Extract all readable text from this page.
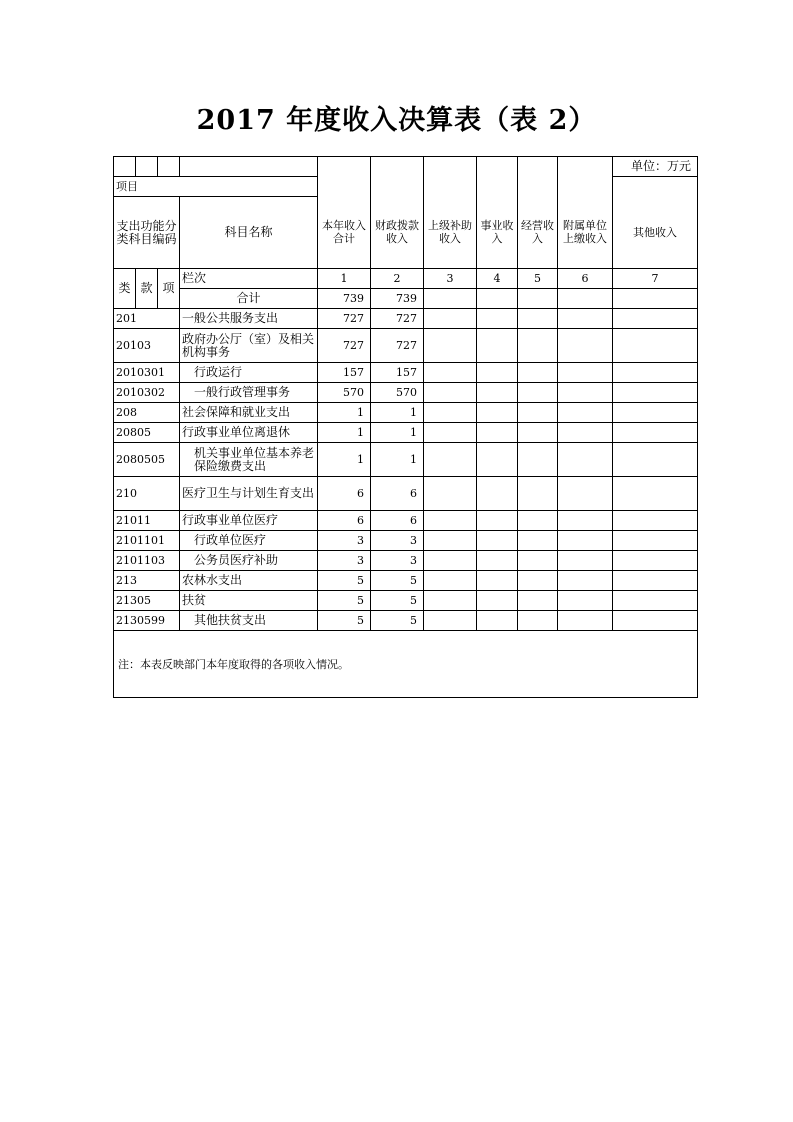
2017 年度收入决算表（表 2）
										单位：万元
项目										
支出功能分类科目编码			科目名称	本年收入合计	财政拨款收入	上级补助收入	事业收入	经营收入	附属单位上缴收入	其他收入
类	款	项	栏次	1	2	3	4	5	6	7
			合计	739	739					
201			一般公共服务支出	727	727					
20103			政府办公厅（室）及相关机构事务	727	727					
2010301			行政运行	157	157					
2010302			一般行政管理事务	570	570					
208			社会保障和就业支出	1	1					
20805			行政事业单位离退休	1	1					
2080505			机关事业单位基本养老保险缴费支出	1	1					
210			医疗卫生与计划生育支出	6	6					
21011			行政事业单位医疗	6	6					
2101101			行政单位医疗	3	3					
2101103			公务员医疗补助	3	3					
213			农林水支出	5	5					
21305			扶贫	5	5					
2130599			其他扶贫支出	5	5					
注：本表反映部门本年度取得的各项收入情况。										
